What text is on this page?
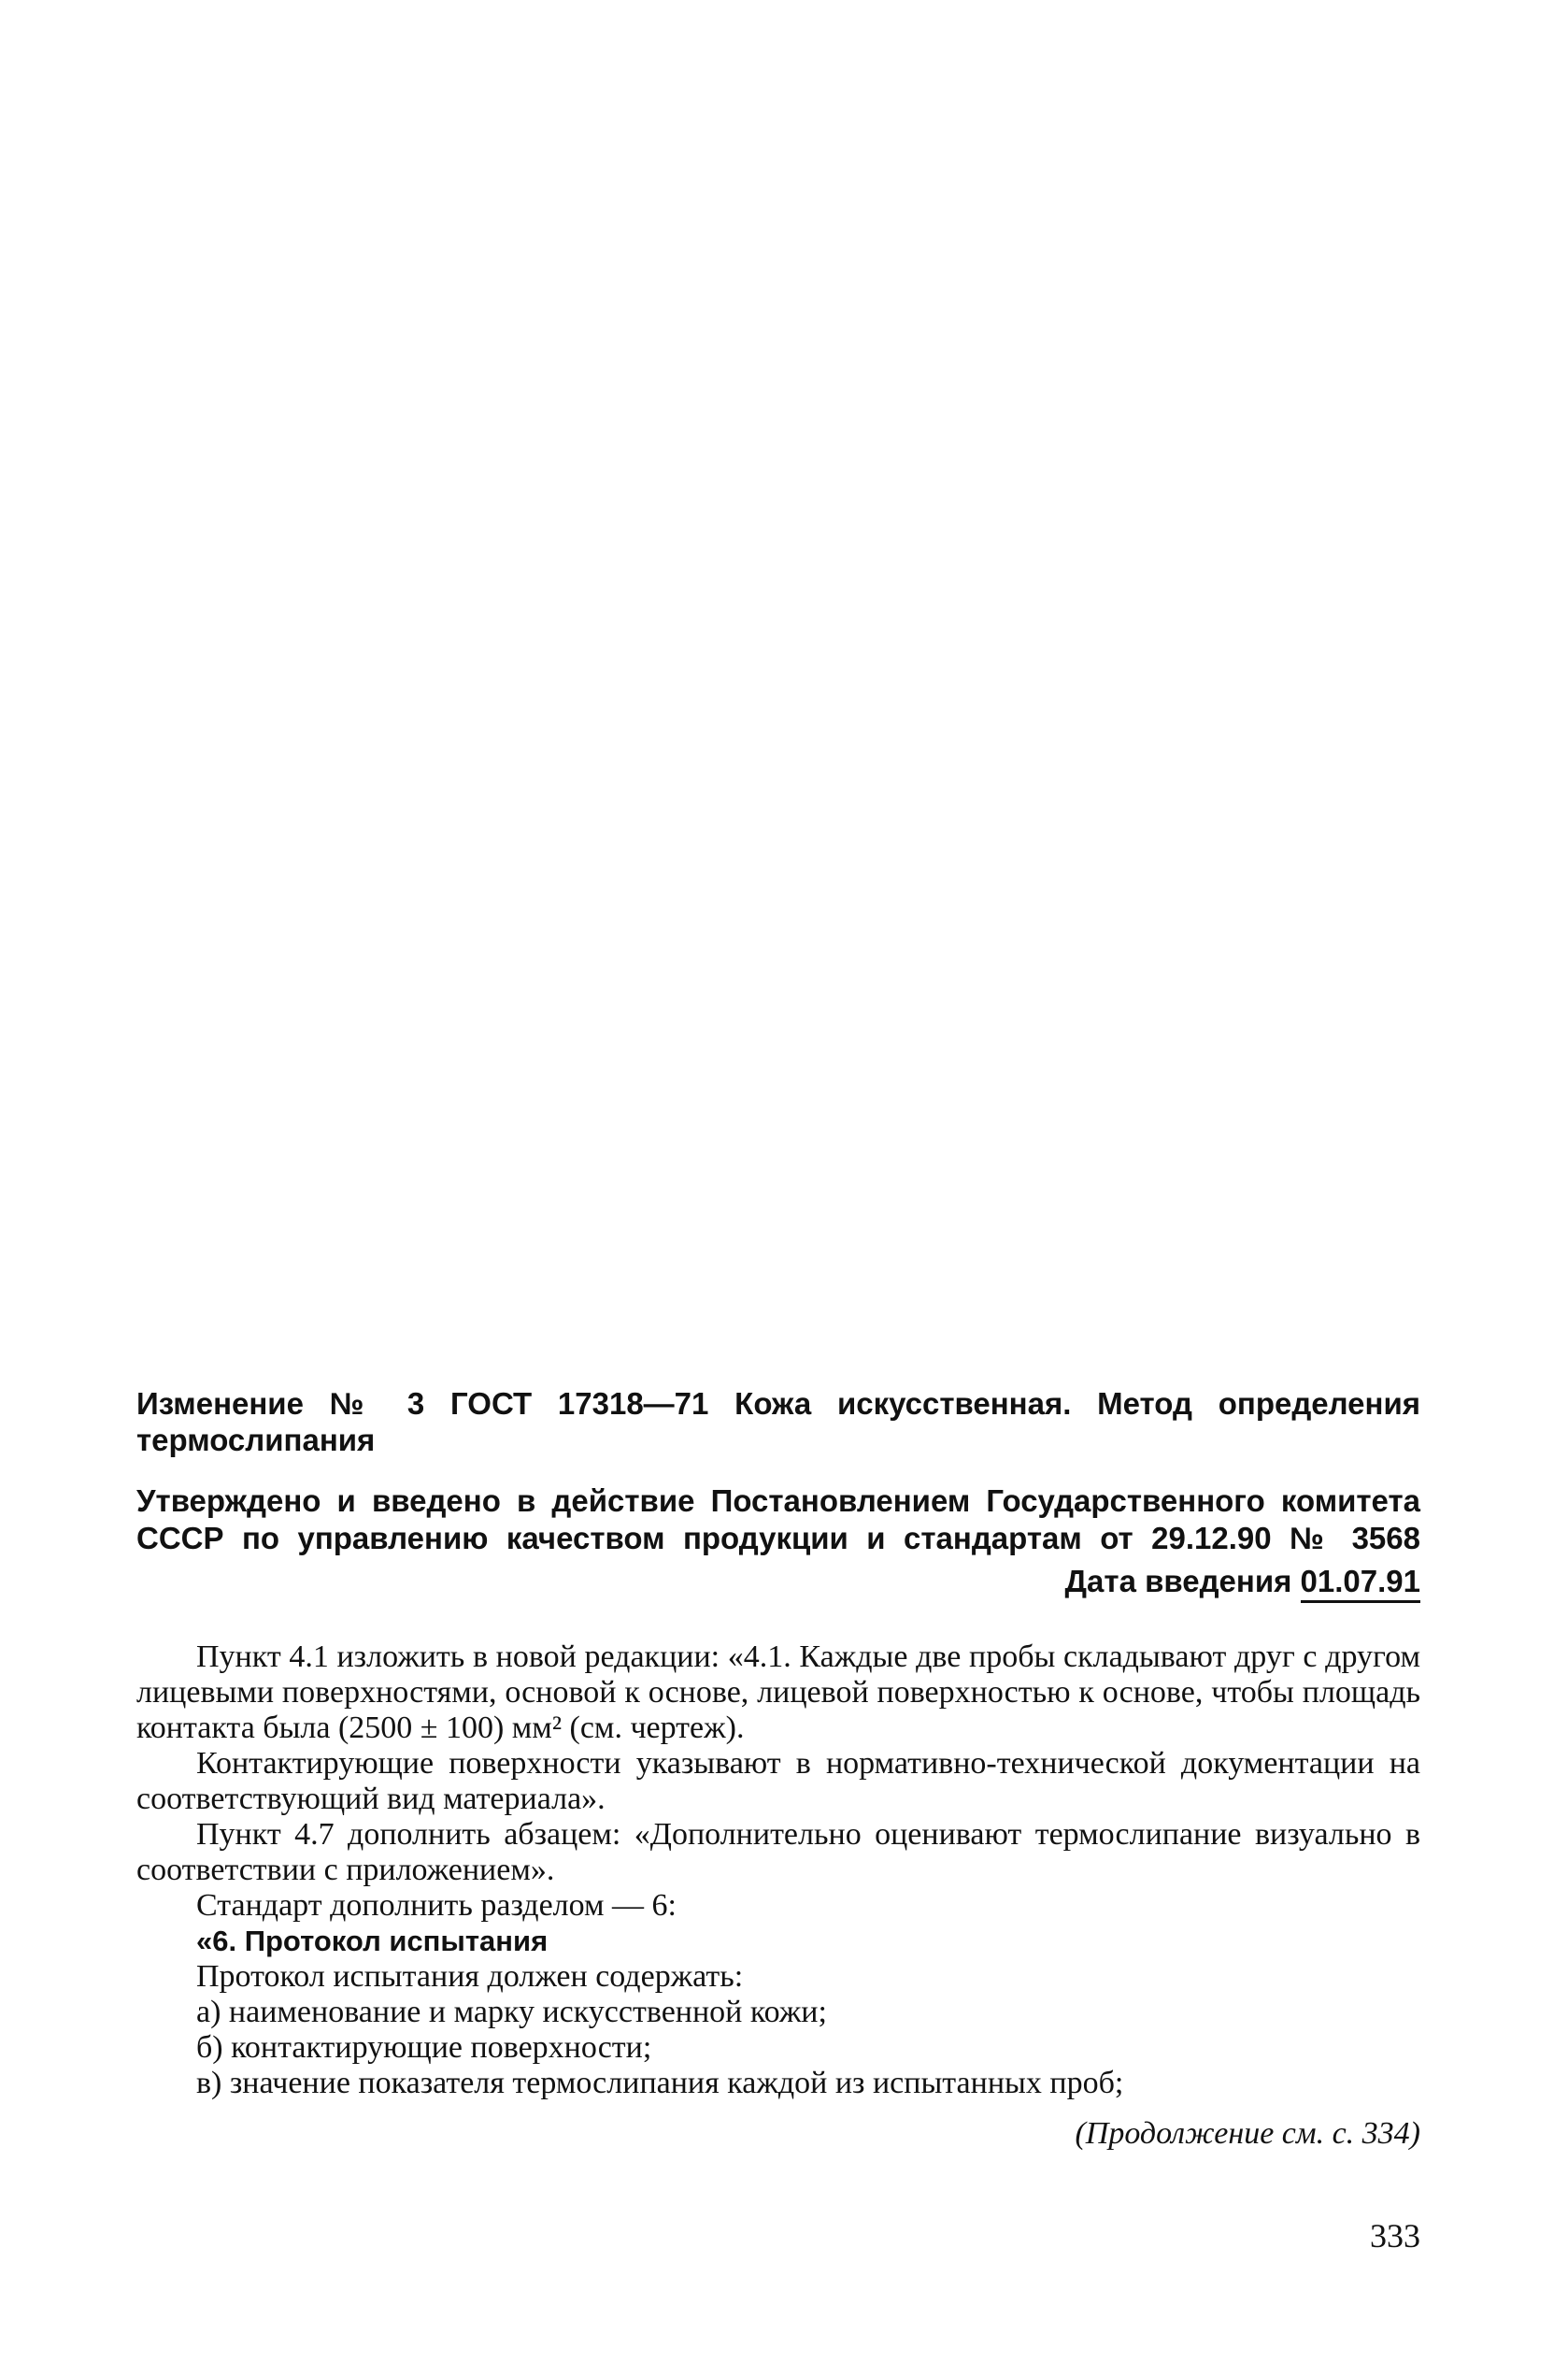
Изменение № 3 ГОСТ 17318—71 Кожа искусственная. Метод определения термослипания

Утверждено и введено в действие Постановлением Государственного комитета СССР по управлению качеством продукции и стандартам от 29.12.90 № 3568
Дата введения 01.07.91

Пункт 4.1 изложить в новой редакции: «4.1. Каждые две пробы складывают друг с другом лицевыми поверхностями, основой к основе, лицевой поверхностью к основе, чтобы площадь контакта была (2500 ± 100) мм² (см. чертеж).

Контактирующие поверхности указывают в нормативно-технической документации на соответствующий вид материала».

Пункт 4.7 дополнить абзацем: «Дополнительно оценивают термослипание визуально в соответствии с приложением».

Стандарт дополнить разделом — 6:

«6. Протокол испытания

Протокол испытания должен содержать:

а) наименование и марку искусственной кожи;

б) контактирующие поверхности;

в) значение показателя термослипания каждой из испытанных проб;

(Продолжение см. с. 334)
333
